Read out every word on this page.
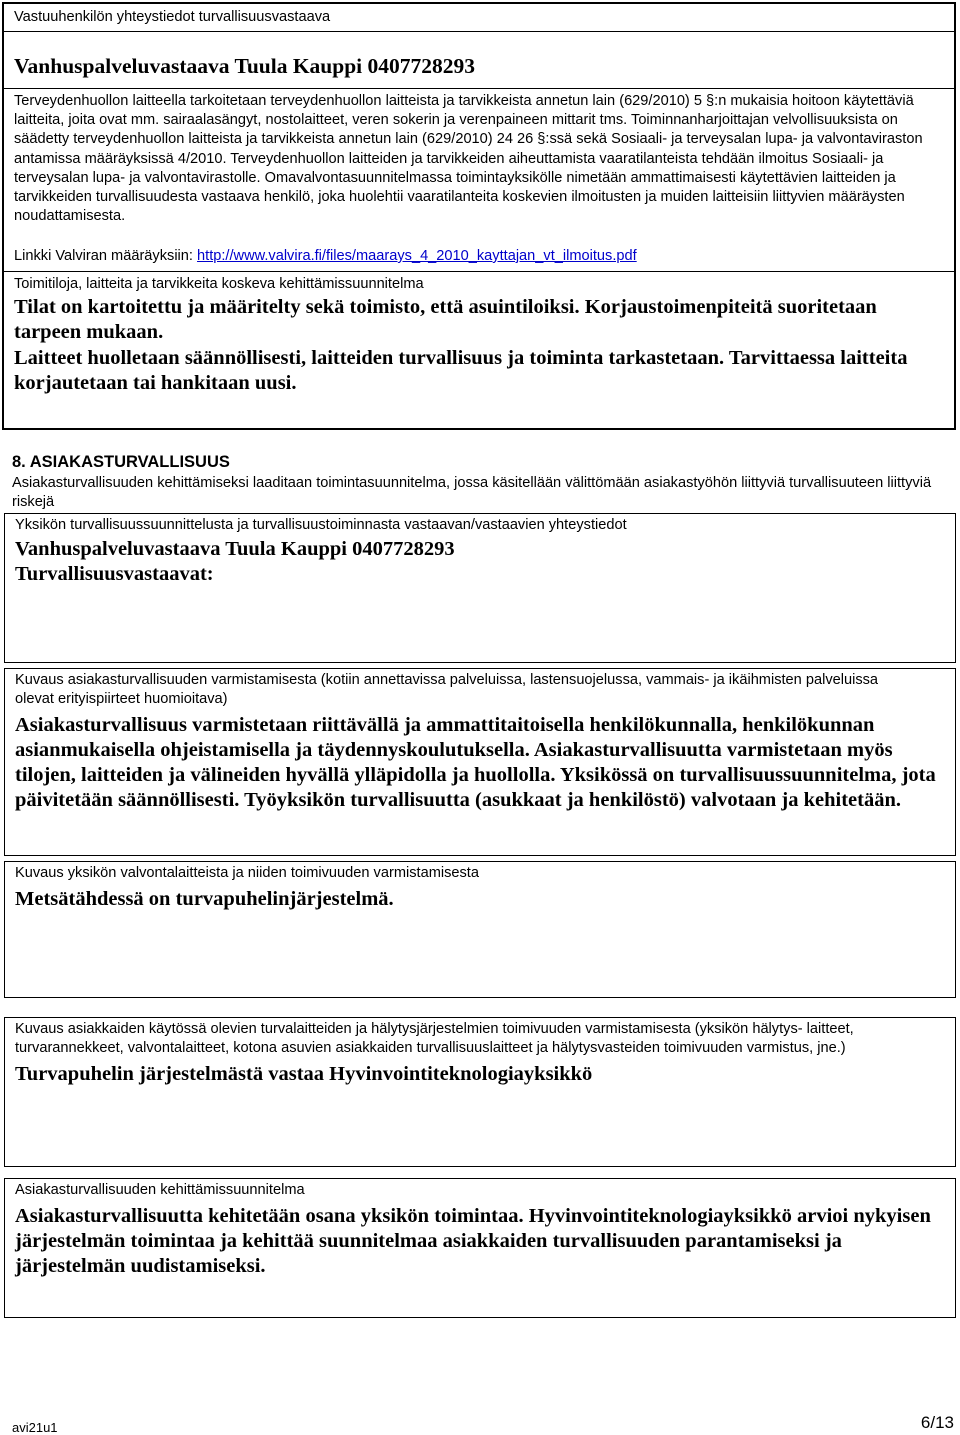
Vastuuhenkilön yhteystiedot turvallisuusvastaava
Vanhuspalveluvastaava Tuula Kauppi 0407728293

Terveydenhuollon laitteella tarkoitetaan terveydenhuollon laitteista ja tarvikkeista annetun lain (629/2010) 5 §:n mukaisia hoitoon käytettäviä laitteita, joita ovat mm. sairaalasängyt, nostolaitteet, veren sokerin ja verenpaineen mittarit tms. Toiminnanharjoittajan velvollisuuksista on säädetty terveydenhuollon laitteista ja tarvikkeista annetun lain (629/2010) 24 26 §:ssä sekä Sosiaali- ja terveysalan lupa- ja valvontaviraston antamissa määräyksissä 4/2010. Terveydenhuollon laitteiden ja tarvikkeiden aiheuttamista vaaratilanteista tehdään ilmoitus Sosiaali- ja terveysalan lupa- ja valvontavirastolle. Omavalvontasuunnitelmassa toimintayksikölle nimetään ammattimaisesti käytettävien laitteiden ja tarvikkeiden turvallisuudesta vastaava henkilö, joka huolehtii vaaratilanteita koskevien ilmoitusten ja muiden laitteisiin liittyvien määräysten noudattamisesta.

Linkki Valviran määräyksiin: http://www.valvira.fi/files/maarays_4_2010_kayttajan_vt_ilmoitus.pdf
Toimitiloja, laitteita ja tarvikkeita koskeva kehittämissuunnitelma

Tilat on kartoitettu ja määritelty sekä toimisto, että asuintiloiksi. Korjaustoimenpiteitä suoritetaan tarpeen mukaan.

Laitteet huolletaan säännöllisesti, laitteiden turvallisuus ja toiminta tarkastetaan. Tarvittaessa laitteita korjautetaan tai hankitaan uusi.

8. ASIAKASTURVALLISUUS

Asiakasturvallisuuden kehittämiseksi laaditaan toimintasuunnitelma, jossa käsitellään välittömään asiakastyöhön liittyviä turvallisuuteen liittyviä riskejä

Yksikön turvallisuussuunnittelusta ja turvallisuustoiminnasta vastaavan/vastaavien yhteystiedot
Vanhuspalveluvastaava Tuula Kauppi 0407728293
Turvallisuusvastaavat:

Kuvaus asiakasturvallisuuden varmistamisesta (kotiin annettavissa palveluissa, lastensuojelussa, vammais- ja ikäihmisten palveluissa olevat erityispiirteet huomioitava)

Asiakasturvallisuus varmistetaan riittävällä ja ammattitaitoisella henkilökunnalla, henkilökunnan asianmukaisella ohjeistamisella ja täydennyskoulutuksella. Asiakasturvallisuutta varmistetaan myös tilojen, laitteiden ja välineiden hyvällä ylläpidolla ja huollolla. Yksikössä on turvallisuussuunnitelma, jota päivitetään säännöllisesti. Työyksikön turvallisuutta (asukkaat ja henkilöstö) valvotaan ja kehitetään.

Kuvaus yksikön valvontalaitteista ja niiden toimivuuden varmistamisesta
Metsätähdessä on turvapuhelinjärjestelmä.

Kuvaus asiakkaiden käytössä olevien turvalaitteiden ja hälytysjärjestelmien toimivuuden varmistamisesta (yksikön hälytys- laitteet, turvarannekkeet, valvontalaitteet, kotona asuvien asiakkaiden turvallisuuslaitteet ja hälytysvasteiden toimivuuden varmistus, jne.)

Turvapuhelin järjestelmästä vastaa Hyvinvointiteknologiayksikkö
Asiakasturvallisuuden kehittämissuunnitelma

Asiakasturvallisuutta kehitetään osana yksikön toimintaa. Hyvinvointiteknologiayksikkö arvioi nykyisen järjestelmän toimintaa ja kehittää suunnitelmaa asiakkaiden turvallisuuden parantamiseksi ja järjestelmän uudistamiseksi.

avi21u1	6/13
